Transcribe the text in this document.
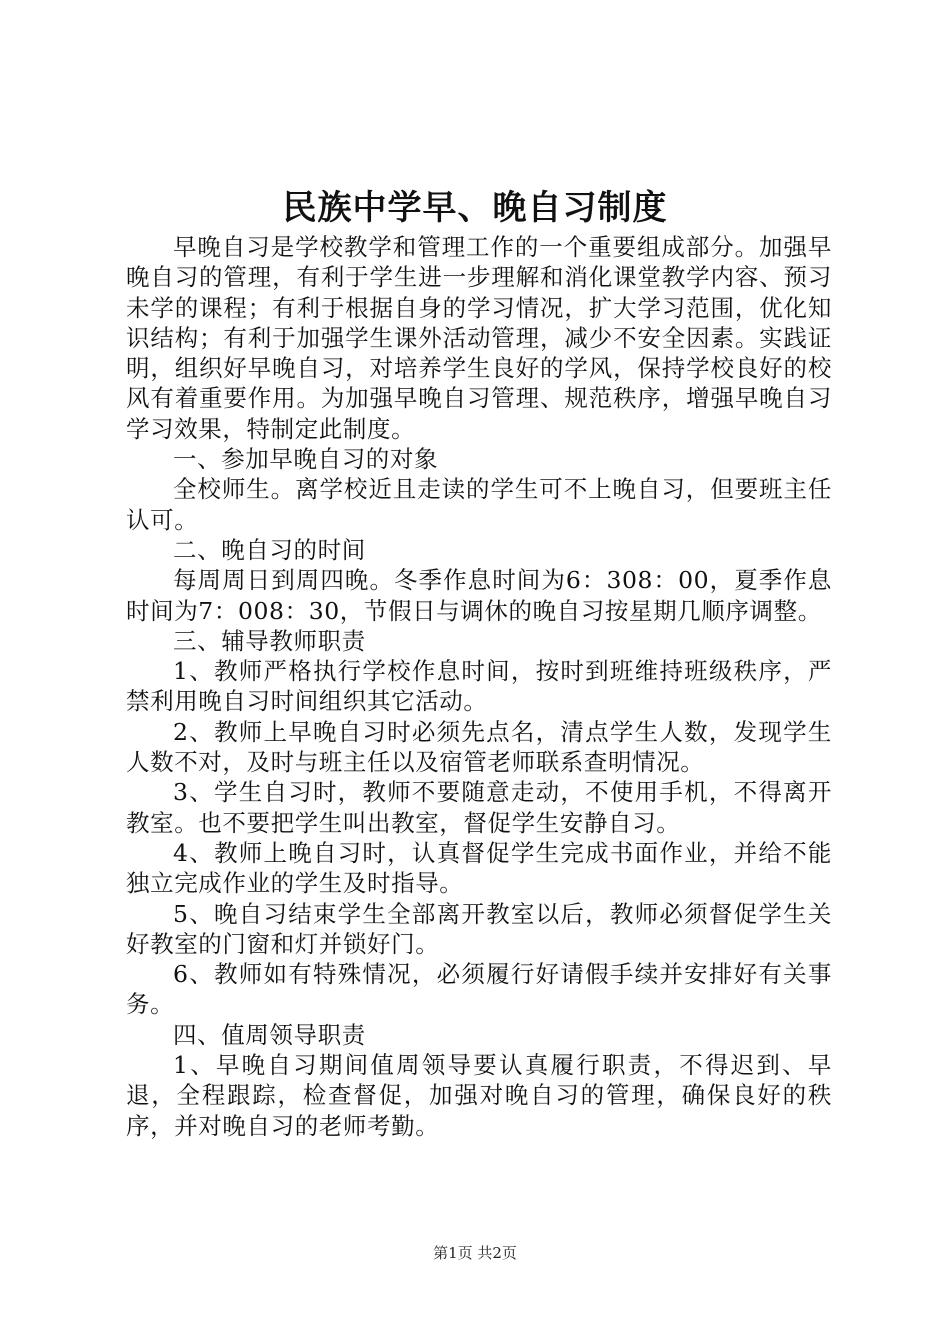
民族中学早、晚自习制度

早晚自习是学校教学和管理工作的一个重要组成部分。加强早晚自习的管理，有利于学生进一步理解和消化课堂教学内容、预习未学的课程；有利于根据自身的学习情况，扩大学习范围，优化知识结构；有利于加强学生课外活动管理，减少不安全因素。实践证明，组织好早晚自习，对培养学生良好的学风，保持学校良好的校风有着重要作用。为加强早晚自习管理、规范秩序，增强早晚自习学习效果，特制定此制度。

一、参加早晚自习的对象

全校师生。离学校近且走读的学生可不上晚自习，但要班主任认可。

二、晚自习的时间

每周周日到周四晚。冬季作息时间为6：308：00，夏季作息时间为7：008：30，节假日与调休的晚自习按星期几顺序调整。

三、辅导教师职责

1、教师严格执行学校作息时间，按时到班维持班级秩序，严禁利用晚自习时间组织其它活动。

2、教师上早晚自习时必须先点名，清点学生人数，发现学生人数不对，及时与班主任以及宿管老师联系查明情况。

3、学生自习时，教师不要随意走动，不使用手机，不得离开教室。也不要把学生叫出教室，督促学生安静自习。

4、教师上晚自习时，认真督促学生完成书面作业，并给不能独立完成作业的学生及时指导。

5、晚自习结束学生全部离开教室以后，教师必须督促学生关好教室的门窗和灯并锁好门。

6、教师如有特殊情况，必须履行好请假手续并安排好有关事务。

四、值周领导职责

1、早晚自习期间值周领导要认真履行职责，不得迟到、早退，全程跟踪，检查督促，加强对晚自习的管理，确保良好的秩序，并对晚自习的老师考勤。

第1页 共2页
